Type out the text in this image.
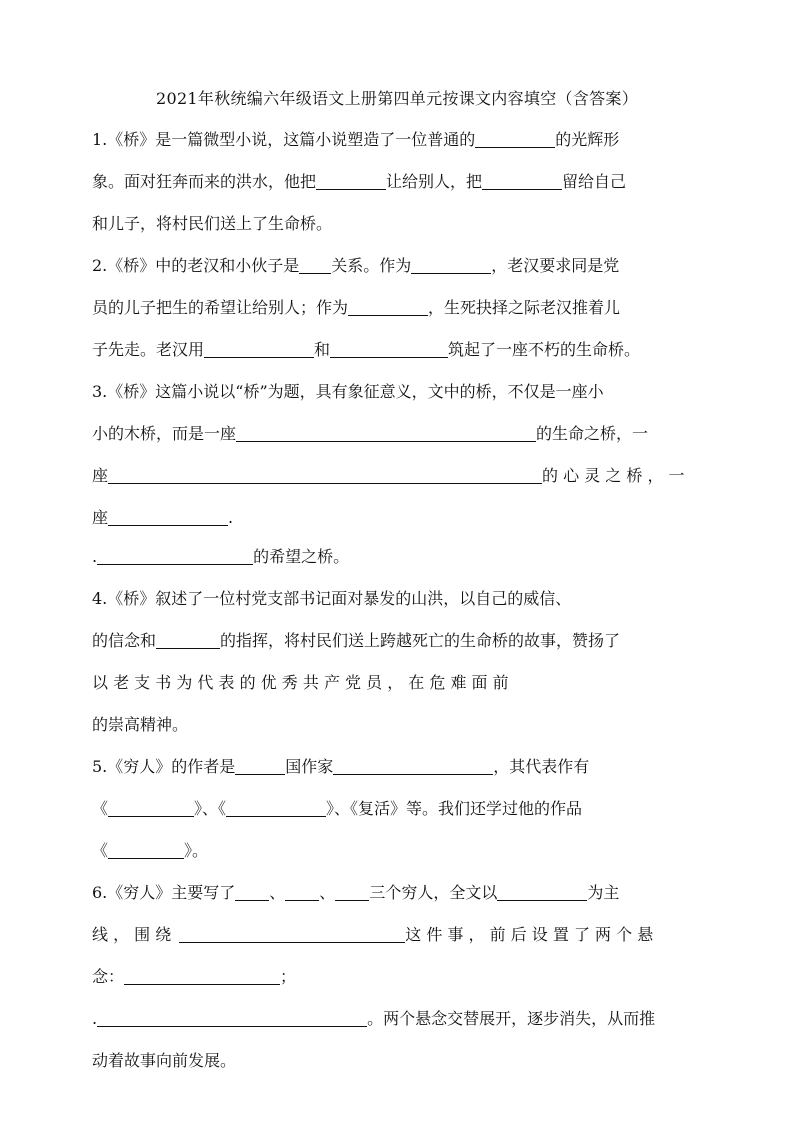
2021年秋统编六年级语文上册第四单元按课文内容填空（含答案）
1.《桥》是一篇微型小说，这篇小说塑造了一位普通的	的光辉形
象。面对狂奔而来的洪水，他把	让给别人，把	留给自己
和儿子，将村民们送上了生命桥。
2.《桥》中的老汉和小伙子是 关系。作为	，老汉要求同是党
员的儿子把生的希望让给别人；作为	，生死抉择之际老汉推着儿
子先走。老汉用	和	筑起了一座不朽的生命桥。
3.《桥》这篇小说以“桥”为题，具有象征意义，文中的桥，不仅是一座小
小的木桥，而是一座	的生命之桥，一
座	的 心 灵 之 桥 ， 一
座	.
.	的希望之桥。
4.《桥》叙述了一位村党支部书记面对暴发的山洪，以自己的威信、
的信念和	的指挥，将村民们送上跨越死亡的生命桥的故事，赞扬了
以 老 支 书 为 代 表 的 优 秀 共 产 党 员 ， 在 危 难 面 前
的崇高精神。
5.《穷人》的作者是	国作家	，其代表作有
《	》、《	》、《复活》等。我们还学过他的作品
《	》。
6.《穷人》主要写了 、 、 三个穷人，全文以	为主
线 ， 围 绕	这 件 事 ， 前 后 设 置 了 两 个 悬
念：	；
.	。两个悬念交替展开，逐步消失，从而推
动着故事向前发展。
